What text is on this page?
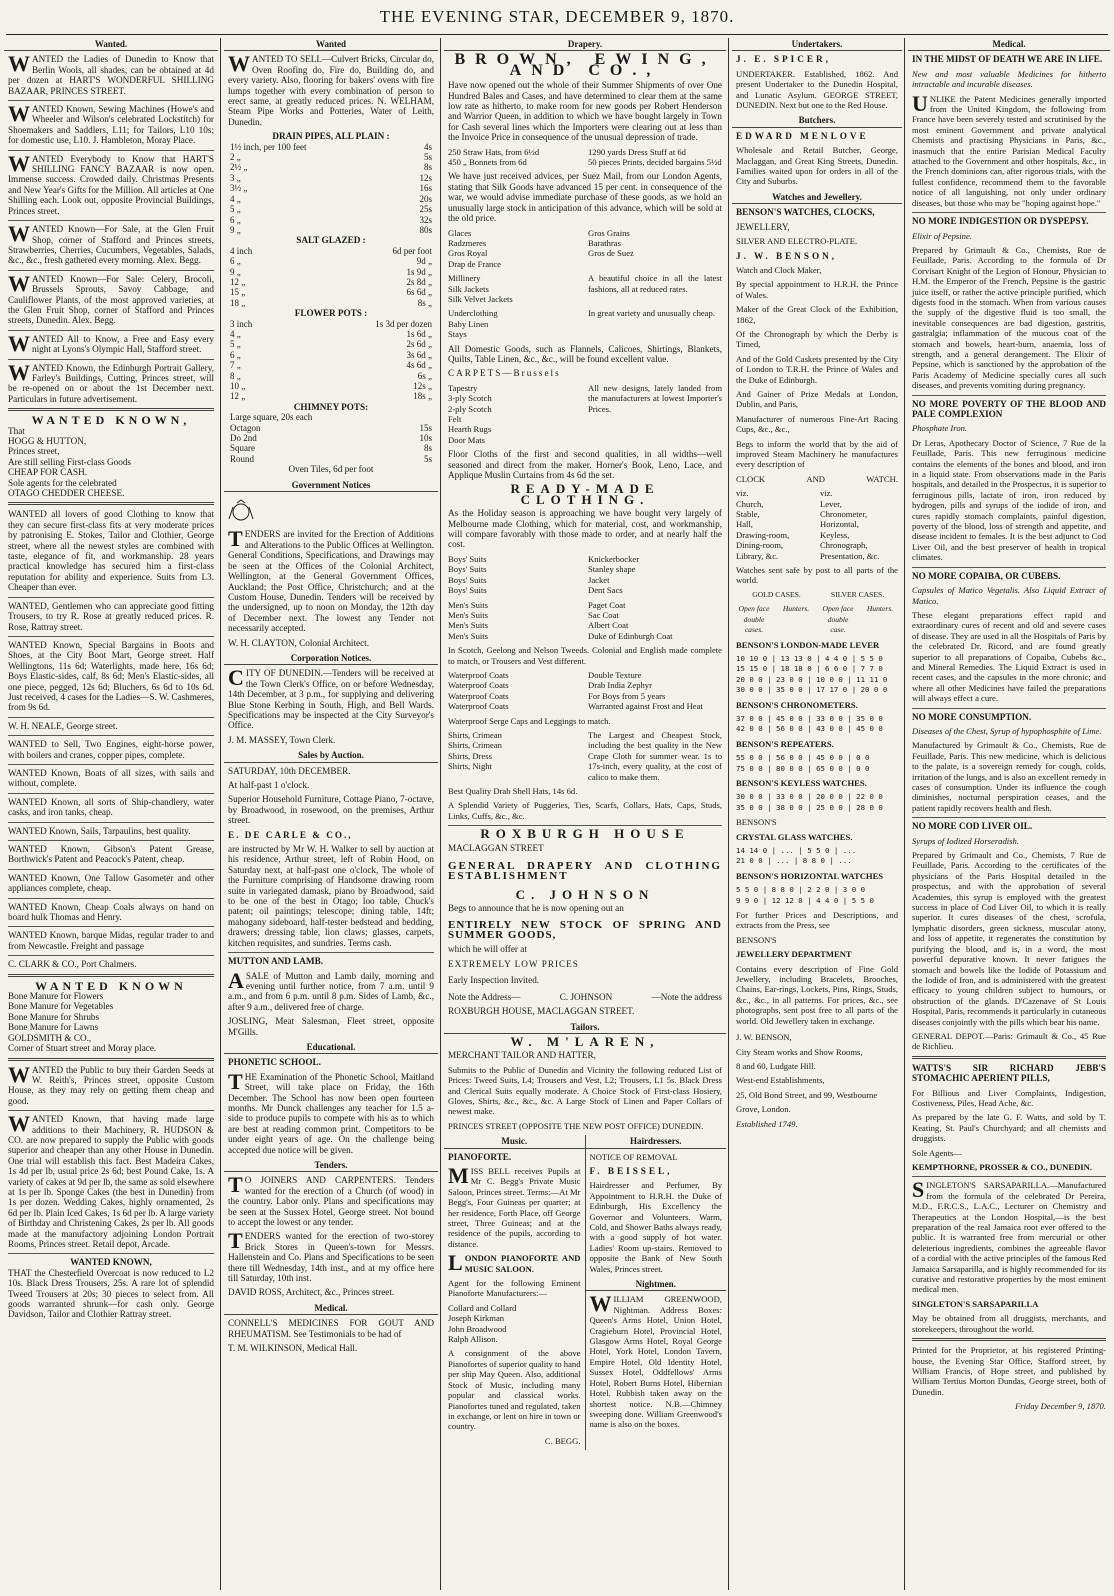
THE EVENING STAR, DECEMBER 9, 1870.
Wanted.
WANTED the Ladies of Dunedin to Know that Berlin Wools, all shades, can be obtained at 4d per dozen at HART'S WONDERFUL SHILLING BAZAAR, PRINCES STREET.
WANTED Known, Sewing Machines (Howe's and Wheeler and Wilson's celebrated Lockstitch) for Shoemakers and Saddlers, L11; for Tailors, L10 10s; for domestic use, L10. J. Hambleton, Moray Place.
WANTED Everybody to Know that HART'S SHILLING FANCY BAZAAR is now open. Immense success. Crowded daily. Christmas Presents and New Year's Gifts for the Million. All articles at One Shilling each. Look out, opposite Provincial Buildings, Princes street.
WANTED Known—For Sale, at the Glen Fruit Shop, corner of Stafford and Princes streets, Strawberries, Cherries, Cucumbers, Vegetables, Salads, &c., &c., fresh gathered every morning. Alex. Begg.
WANTED Known—For Sale: Celery, Brocoli, Brussels Sprouts, Savoy Cabbage, and Cauliflower Plants, of the most approved varieties, at the Glen Fruit Shop, corner of Stafford and Princes streets, Dunedin. Alex. Begg.
WANTED All to Know, a Free and Easy every night at Lyons's Olympic Hall, Stafford street.
WANTED Known, the Edinburgh Portrait Gallery, Farley's Buildings, Cutting, Princes street, will be re-opened on or about the 1st December next. Particulars in future advertisement.
WANTED KNOWN,
That
HOGG & HUTTON,
Princes street,
Are still selling First-class Goods
CHEAP FOR CASH.
Sole agents for the celebrated
OTAGO CHEDDER CHEESE.
WANTED all lovers of good Clothing to know that they can secure first-class fits at very moderate prices by patronising E. Stokes, Tailor and Clothier, George street, where all the newest styles are combined with taste, elegance of fit, and workmanship. 28 years practical knowledge has secured him a first-class reputation for ability and experience. Suits from L3. Cheaper than ever.
WANTED, Gentlemen who can appreciate good fitting Trousers, to try R. Rose at greatly reduced prices. R. Rose, Rattray street.
WANTED Known, Special Bargains in Boots and Shoes, at the City Boot Mart, George street. Half Wellingtons, 11s 6d; Waterlights, made here, 16s 6d; Boys Elastic-sides, calf, 8s 6d; Men's Elastic-sides, all one piece, pegged, 12s 6d; Bluchers, 6s 6d to 10s 6d. Just received, 4 cases for the Ladies—S. W. Cashmeres, from 9s 6d.
W. H. NEALE, George street.
WANTED to Sell, Two Engines, eight-horse power, with boilers and cranes, copper pipes, complete.
WANTED Known, Boats of all sizes, with sails and without, complete.
WANTED Known, all sorts of Ship-chandlery, water casks, and iron tanks, cheap.
WANTED Known, Sails, Tarpaulins, best quality.
WANTED Known, Gibson's Patent Grease, Borthwick's Patent and Peacock's Patent, cheap.
WANTED Known, One Tallow Gasometer and other appliances complete, cheap.
WANTED Known, Cheap Coals always on hand on board hulk Thomas and Henry.
WANTED Known, barque Midas, regular trader to and from Newcastle. Freight and passage
C. CLARK & CO., Port Chalmers.
WANTED KNOWN
Bone Manure for Flowers
Bone Manure for Vegetables
Bone Manure for Shrubs
Bone Manure for Lawns
GOLDSMITH & CO.,
Corner of Stuart street and Moray place.
WANTED the Public to buy their Garden Seeds at W. Reith's, Princes street, opposite Custom House, as they may rely on getting them cheap and good.
WANTED Known, that having made large additions to their Machinery, R. HUDSON & CO. are now prepared to supply the Public with goods superior and cheaper than any other House in Dunedin. One trial will establish this fact. Best Madeira Cakes, 1s 4d per lb, usual price 2s 6d; best Pound Cake, 1s. A variety of cakes at 9d per lb, the same as sold elsewhere at 1s per lb. Sponge Cakes (the best in Dunedin) from 1s per dozen. Wedding Cakes, highly ornamented, 2s 6d per lb. Plain Iced Cakes, 1s 6d per lb. A large variety of Birthday and Christening Cakes, 2s per lb. All goods made at the manufactory adjoining London Portrait Rooms, Princes street. Retail depot, Arcade.
WANTED KNOWN,

THAT the Chesterfield Overcoat is now reduced to L2 10s. Black Dress Trousers, 25s. A rare lot of splendid Tweed Trousers at 20s; 30 pieces to select from. All goods warranted shrunk—for cash only. George Davidson, Tailor and Clothier Rattray street.

Wanted
WANTED TO SELL—Culvert Bricks, Circular do, Oven Roofing do, Fire do, Building do, and every variety. Also, flooring for bakers' ovens with fire lumps together with every combination of person to erect same, at greatly reduced prices. N. WELHAM, Steam Pipe Works and Potteries, Water of Leith, Dunedin.
DRAIN PIPES, ALL PLAIN :
1½ inch, per 100 feet	4s
2 „	5s
2½ „	8s
3 „	12s
3½ „	16s
4 „	20s
5 „	25s
6 „	32s
9 „	80s
SALT GLAZED :
4 inch	6d per foot
6 „	9d „
9 „	1s 9d „
12 „	2s 8d „
15 „	6s 6d „
18 „	8s „
FLOWER POTS :
3 inch	1s 3d per dozen
4 „	1s 6d „
5 „	2s 6d „
6 „	3s 6d „
7 „	4s 6d „
8 „	6s „
10 „	12s „
12 „	18s „
CHIMNEY POTS:
Large square, 20s each	
Octagon	15s
Do 2nd	10s
Square	8s
Round	5s
Oven Tiles, 6d per foot
Government Notices
TENDERS are invited for the Erection of Additions and Alterations to the Public Offices at Wellington. General Conditions, Specifications, and Drawings may be seen at the Offices of the Colonial Architect, Wellington, at the General Government Offices, Auckland; the Post Office, Christchurch; and at the Custom House, Dunedin. Tenders will be received by the undersigned, up to noon on Monday, the 12th day of December next. The lowest any Tender not necessarily accepted.
W. H. CLAYTON, Colonial Architect.
Corporation Notices.
CITY OF DUNEDIN.—Tenders will be received at the Town Clerk's Office, on or before Wednesday, 14th December, at 3 p.m., for supplying and delivering Blue Stone Kerbing in South, High, and Bell Wards. Specifications may be inspected at the City Surveyor's Office.
J. M. MASSEY, Town Clerk.
Sales by Auction.
SATURDAY, 10th DECEMBER.
At half-past 1 o'clock.
Superior Household Furniture, Cottage Piano, 7-octave, by Broadwood, in rosewood, on the premises, Arthur street.
E. DE CARLE & CO.,
are instructed by Mr W. H. Walker to sell by auction at his residence, Arthur street, left of Robin Hood, on Saturday next, at half-past one o'clock, The whole of the Furniture comprising of Handsome drawing room suite in variegated damask, piano by Broadwood, said to be one of the best in Otago; loo table, Chuck's patent; oil paintings; telescope; dining table, 14ft; mahogany sideboard, half-tester bedstead and bedding, drawers; dressing table, lion claws; glasses, carpets, kitchen requisites, and sundries. Terms cash.
MUTTON AND LAMB.
ASALE of Mutton and Lamb daily, morning and evening until further notice, from 7 a.m. until 9 a.m., and from 6 p.m. until 8 p.m. Sides of Lamb, &c., after 9 a.m., delivered free of charge.
JOSLING, Meat Salesman, Fleet street, opposite M'Gills.
Educational.
PHONETIC SCHOOL.
THE Examination of the Phonetic School, Maitland Street, will take place on Friday, the 16th December. The School has now been open fourteen months. Mr Dunck challenges any teacher for 1.5 a-side to produce pupils to compete with his as to which are best at reading common print. Competitors to be under eight years of age. On the challenge being accepted due notice will be given.
Tenders.
TO JOINERS AND CARPENTERS. Tenders wanted for the erection of a Church (of wood) in the country. Labor only. Plans and specifications may be seen at the Sussex Hotel, George street. Not bound to accept the lowest or any tender.
TENDERS wanted for the erection of two-storey Brick Stores in Queen's-town for Messrs. Hallenstein and Co. Plans and Specifications to be seen there till Wednesday, 14th inst., and at my office here till Saturday, 10th inst.
DAVID ROSS, Architect, &c., Princes street.
Medical.
CONNELL'S MEDICINES FOR GOUT AND RHEUMATISM. See Testimonials to be had of
T. M. WILKINSON, Medical Hall.
Drapery.
BROWN, EWING, AND CO.,
Have now opened out the whole of their Summer Shipments of over One Hundred Bales and Cases, and have determined to clear them at the same low rate as hitherto, to make room for new goods per Robert Henderson and Warrior Queen, in addition to which we have bought largely in Town for Cash several lines which the Importers were clearing out at less than the Invoice Price in consequence of the unusual depression of trade.
250 Straw Hats, from 6½d
450 „ Bonnets from 6d
1290 yards Dress Stuff at 6d
50 pieces Prints, decided bargains 5½d
We have just received advices, per Suez Mail, from our London Agents, stating that Silk Goods have advanced 15 per cent. in consequence of the war, we would advise immediate purchase of these goods, as we hold an unusually large stock in anticipation of this advance, which will be sold at the old price.
Glaces
Radzmeres
Gros Royal
Drap de France
Gros Grains
Barathras
Gros de Suez
Millinery
Silk Jackets
Silk Velvet Jackets
A beautiful choice in all the latest fashions, all at reduced rates.
Underclothing
Baby Linen
Stays
In great variety and unusually cheap.
All Domestic Goods, such as Flannels, Calicoes, Shirtings, Blankets, Quilts, Table Linen, &c., &c., will be found excellent value.
CARPETS—Brussels
Tapestry
3-ply Scotch
2-ply Scotch
Felt
Hearth Rugs
Door Mats
All new designs, lately landed from the manufacturers at lowest Importer's Prices.
Floor Cloths of the first and second qualities, in all widths—well seasoned and direct from the maker. Horner's Book, Leno, Lace, and Applique Muslin Curtains from 4s 6d the set.
READY-MADE CLOTHING.
As the Holiday season is approaching we have bought very largely of Melbourne made Clothing, which for material, cost, and workmanship, will compare favorably with those made to order, and at nearly half the cost.
Boys' Suits
Boys' Suits
Boys' Suits
Boys' Suits
Knickerbocker
Stanley shape
Jacket
Dent Sacs
Men's Suits
Men's Suits
Men's Suits
Men's Suits
Paget Coat
Sac Coat
Albert Coat
Duke of Edinburgh Coat
In Scotch, Geelong and Nelson Tweeds. Colonial and English made complete to match, or Trousers and Vest different.
Waterproof Coats
Waterproof Coats
Waterproof Coats
Waterproof Coats
Double Texture
Drab India Zephyr
For Boys from 5 years
Warranted against Frost and Heat
Waterproof Serge Caps and Leggings to match.
Shirts, Crimean
Shirts, Crimean
Shirts, Dress
Shirts, Night
The Largest and Cheapest Stock, including the best quality in the New Crape Cloth for summer wear. 1s to 17s-inch, every quality, at the cost of calico to make them.
Best Quality Drab Shell Hats, 14s 6d.
A Splendid Variety of Puggeries, Ties, Scarfs, Collars, Hats, Caps, Studs, Links, Cuffs, &c., &c.
ROXBURGH HOUSE
MACLAGGAN STREET
GENERAL DRAPERY AND CLOTHING ESTABLISHMENT
C. JOHNSON
Begs to announce that he is now opening out an
ENTIRELY NEW STOCK OF SPRING AND SUMMER GOODS,
which he will offer at
EXTREMELY LOW PRICES
Early Inspection Invited.
Note the Address—	C. JOHNSON	—Note the address
ROXBURGH HOUSE, MACLAGGAN STREET.
Tailors.
W. M'LAREN,
MERCHANT TAILOR AND HATTER,
Submits to the Public of Dunedin and Vicinity the following reduced List of Prices: Tweed Suits, L4; Trousers and Vest, L2; Trousers, L1 5s. Black Dress and Clerical Suits equally moderate. A Choice Stock of First-class Hosiery, Gloves, Shirts, &c., &c., &c. A Large Stock of Linen and Paper Collars of newest make.
PRINCES STREET (OPPOSITE THE NEW POST OFFICE) DUNEDIN.
Music.
PIANOFORTE.
MISS BELL receives Pupils at Mr C. Begg's Private Music Saloon, Princes street. Terms:—At Mr Begg's, Four Guineas per quarter; at her residence, Forth Place, off George street, Three Guineas; and at the residence of the pupils, according to distance.
LONDON PIANOFORTE AND MUSIC SALOON.
Agent for the following Eminent Pianoforte Manufacturers:—
Collard and Collard
Joseph Kirkman
John Broadwood
Ralph Allison.
A consignment of the above Pianofortes of superior quality to hand per ship May Queen. Also, additional Stock of Music, including many popular and classical works. Pianofortes tuned and regulated, taken in exchange, or lent on hire in town or country.
C. BEGG.
Hairdressers.
NOTICE OF REMOVAL
F. BEISSEL,
Hairdresser and Perfumer, By Appointment to H.R.H. the Duke of Edinburgh, His Excellency the Governor and Volunteers. Warm, Cold, and Shower Baths always ready, with a good supply of hot water. Ladies' Room up-stairs. Removed to opposite the Bank of New South Wales, Princes street.
Nightmen.
WILLIAM GREENWOOD, Nightman. Address Boxes: Queen's Arms Hotel, Union Hotel, Cragieburn Hotel, Provincial Hotel, Glasgow Arms Hotel, Royal George Hotel, York Hotel, London Tavern, Empire Hotel, Old Identity Hotel, Sussex Hotel, Oddfellows' Arms Hotel, Robert Burns Hotel, Hibernian Hotel. Rubbish taken away on the shortest notice. N.B.—Chimney sweeping done. William Greenwood's name is also on the boxes.
Undertakers.
J. E. SPICER,
UNDERTAKER. Established, 1862. And present Undertaker to the Dunedin Hospital, and Lunatic Asylum. GEORGE STREET, DUNEDIN. Next but one to the Red House.
Butchers.
EDWARD MENLOVE
Wholesale and Retail Butcher, George, Maclaggan, and Great King Streets, Dunedin. Families waited upon for orders in all of the City and Suburbs.
Watches and Jewellery.
BENSON'S WATCHES, CLOCKS,
JEWELLERY,
SILVER AND ELECTRO-PLATE.
J. W. BENSON,
Watch and Clock Maker,
By special appointment to H.R.H. the Prince of Wales.
Maker of the Great Clock of the Exhibition, 1862,
Of the Chronograph by which the Derby is Timed,
And of the Gold Caskets presented by the City of London to T.R.H. the Prince of Wales and the Duke of Edinburgh.
And Gainer of Prize Medals at London, Dublin, and Paris,
Manufacturer of numerous Fine-Art Racing Cups, &c., &c.,
Begs to inform the world that by the aid of improved Steam Machinery he manufactures every description of
CLOCK	AND	WATCH.
viz.
Church,
Stable,
Hall,
Drawing-room,
Dining-room,
Library, &c.
viz.
Lever,
Chronometer,
Horizontal,
Keyless,
Chronograph,
Presentation, &c.
Watches sent safe by post to all parts of the world.
GOLD CASES.	SILVER CASES.
Open face double cases.
Hunters.	Open face double case.
Hunters.
BENSON'S LONDON-MADE LEVER
10 10 0 | 13 13 0 | 4 4 0 | 5 5 0
15 15 0 | 18 18 0 | 6 6 0 | 7 7 0
20 0 0 | 23 0 0 | 10 0 0 | 11 11 0
30 0 0 | 35 0 0 | 17 17 0 | 20 0 0
BENSON'S CHRONOMETERS.
37 0 0 | 45 0 0 | 33 0 0 | 35 0 0
42 0 0 | 56 0 0 | 43 0 0 | 45 0 0
BENSON'S REPEATERS.
55 0 0 | 56 0 0 | 45 0 0 | 0 0
75 0 0 | 80 0 0 | 65 0 0 | 0 0
BENSON'S KEYLESS WATCHES.
30 0 0 | 33 0 0 | 20 0 0 | 22 0 0
35 0 0 | 38 0 0 | 25 0 0 | 28 0 0
BENSON'S
CRYSTAL GLASS WATCHES.
14 14 0 | ... | 5 5 0 | ...
21 0 0 | ... | 8 8 0 | ...
BENSON'S HORIZONTAL WATCHES
5 5 0 | 8 8 0 | 2 2 0 | 3 0 0
9 9 0 | 12 12 0 | 4 4 0 | 5 5 0
For further Prices and Descriptions, and extracts from the Press, see
BENSON'S
JEWELLERY DEPARTMENT
Contains every description of Fine Gold Jewellery, including Bracelets, Brooches, Chains, Ear-rings, Lockets, Pins, Rings, Studs, &c., &c., in all patterns. For prices, &c., see photographs, sent post free to all parts of the world. Old Jewellery taken in exchange.
J. W. BENSON,
City Steam works and Show Rooms,
8 and 60, Ludgate Hill.
West-end Establishments,
25, Old Bond Street, and 99, Westbourne
Grove, London.
Established 1749.
Medical.
IN THE MIDST OF DEATH WE ARE IN LIFE.
New and most valuable Medicines for hitherto intractable and incurable diseases.
UNLIKE the Patent Medicines generally imported from the United Kingdom, the following from France have been severely tested and scrutinised by the most eminent Government and private analytical Chemists and practising Physicians in Paris, &c., inasmuch that the entire Parisian Medical Faculty attached to the Government and other hospitals, &c., in the French dominions can, after rigorous trials, with the fullest confidence, recommend them to the favorable notice of all languishing, not only under ordinary diseases, but those who may be "hoping against hope."
NO MORE INDIGESTION OR DYSPEPSY.
Elixir of Pepsine.
Prepared by Grimault & Co., Chemists, Rue de Feuillade, Paris. According to the formula of Dr Corvisart Knight of the Legion of Honour, Physician to H.M. the Emperor of the French, Pepsine is the gastric juice itself, or rather the active principle purified, which digests food in the stomach. When from various causes the supply of the digestive fluid is too small, the inevitable consequences are bad digestion, gastritis, gastralgia; inflammation of the mucous coat of the stomach and bowels, heart-burn, anaemia, loss of strength, and a general derangement. The Elixir of Pepsine, which is sanctioned by the approbation of the Paris Academy of Medicine specially cures all such diseases, and prevents vomiting during pregnancy.
NO MORE POVERTY OF THE BLOOD AND PALE COMPLEXION
Phosphate Iron.
Dr Leras, Apothecary Doctor of Science, 7 Rue de la Feuillade, Paris. This new ferruginous medicine contains the elements of the bones and blood, and iron in a liquid state. From observations made in the Paris hospitals, and detailed in the Prospectus, it is superior to ferruginous pills, lactate of iron, iron reduced by hydrogen, pills and syrups of the iodide of iron, and cures rapidly stomach complaints, painful digestion, poverty of the blood, loss of strength and appetite, and disease incident to females. It is the best adjunct to Cod Liver Oil, and the best preserver of health in tropical climates.
NO MORE COPAIBA, OR CUBEBS.
Capsules of Matico Vegetalis. Also Liquid Extract of Matico.
These elegant preparations effect rapid and extraordinary cures of recent and old and severe cases of disease. They are used in all the Hospitals of Paris by the celebrated Dr. Ricord, and are found greatly superior to all preparations of Copaiba, Cubebs &c., and Mineral Remedies. The Liquid Extract is used in recent cases, and the capsules in the more chronic; and where all other Medicines have failed the preparations will always effect a cure.
NO MORE CONSUMPTION.
Diseases of the Chest, Syrup of hypophosphite of Lime.
Manufactured by Grimault & Co., Chemists, Rue de Feuillade, Paris. This new medicine, which is delicious to the palate, is a sovereign remedy for cough, colds, irritation of the lungs, and is also an excellent remedy in cases of consumption. Under its influence the cough diminishes, nocturnal perspiration ceases, and the patient rapidly recovers health and flesh.
NO MORE COD LIVER OIL.
Syrups of Iodized Horseradish.
Prepared by Grimault and Co., Chemists, 7 Rue de Feuillade, Paris. According to the certificates of the physicians of the Paris Hospital detailed in the prospectus, and with the approbation of several Academies, this syrup is employed with the greatest success in place of Cod Liver Oil, to which it is really superior. It cures diseases of the chest, scrofula, lymphatic disorders, green sickness, muscular atony, and loss of appetite, it regenerates the constitution by purifying the blood, and is, in a word, the most powerful depurative known. It never fatigues the stomach and bowels like the Iodide of Potassium and the Iodide of Iron, and is administered with the greatest efficacy to young children subject to humours, or obstruction of the glands. D'Cazenave of St Louis Hospital, Paris, recommends it particularly in cutaneous diseases conjointly with the pills which bear his name.
GENERAL DEPOT.—Paris: Grimault & Co., 45 Rue de Richlieu.
WATTS'S SIR RICHARD JEBB'S STOMACHIC APERIENT PILLS,
For Billious and Liver Complaints, Indigestion, Costiveness, Piles, Head Ache, &c.
As prepared by the late G. F. Watts, and sold by T. Keating, St. Paul's Churchyard; and all chemists and druggists.
Sole Agents—
KEMPTHORNE, PROSSER & CO., DUNEDIN.
SINGLETON'S SARSAPARILLA.—Manufactured from the formula of the celebrated Dr Pereira, M.D., F.R.C.S., L.A.C., Lecturer on Chemistry and Therapeutics at the London Hospital,—is the best preparation of the real Jamaica root ever offered to the public. It is warranted free from mercurial or other deleterious ingredients, combines the agreeable flavor of a cordial with the active principles of the famous Red Jamaica Sarsaparilla, and is highly recommended for its curative and restorative properties by the most eminent medical men.
SINGLETON'S SARSAPARILLA
May be obtained from all druggists, merchants, and storekeepers, throughout the world.
Printed for the Proprietor, at his registered Printing-house, the Evening Star Office, Stafford street, by William Francis, of Hope street, and published by William Tertius Morton Dundas, George street, both of Dunedin.
Friday December 9, 1870.
